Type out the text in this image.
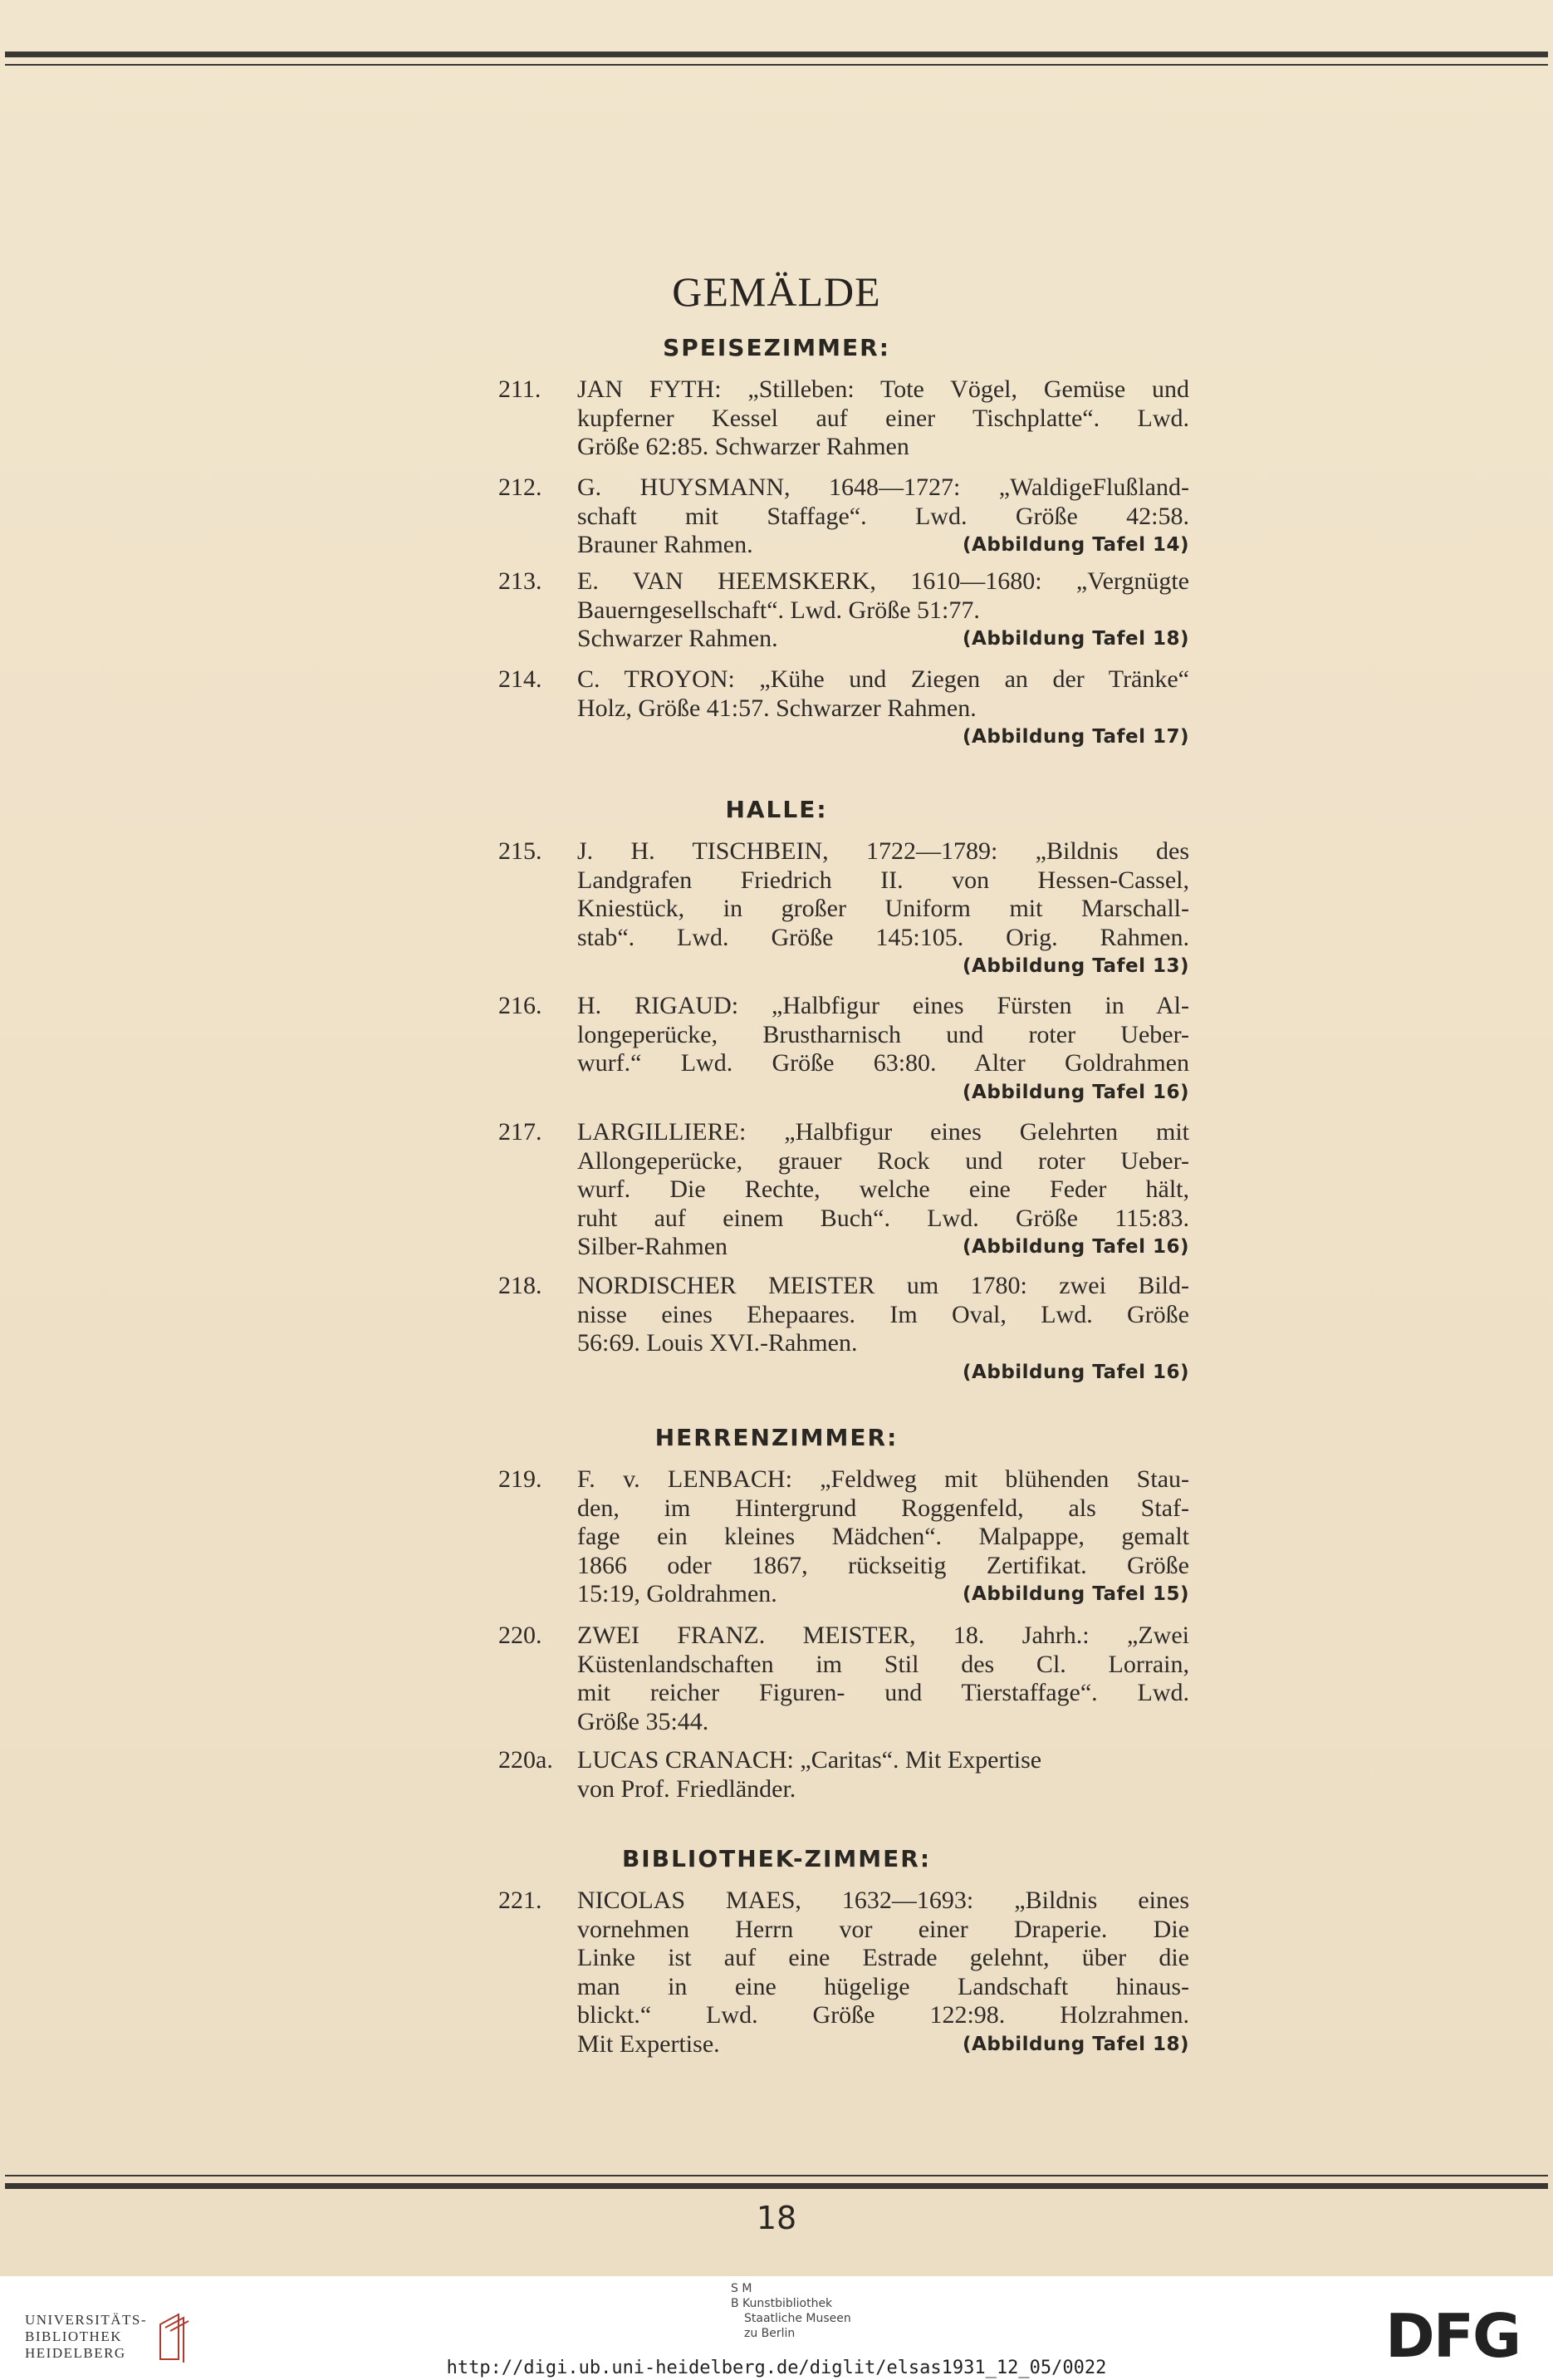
GEMÄLDE
SPEISEZIMMER:
211. JAN FYTH: „Stilleben: Tote Vögel, Gemüse und
kupferner Kessel auf einer Tischplatte“. Lwd.
Größe 62:85. Schwarzer Rahmen
212. G. HUYSMANN, 1648—1727: „WaldigeFlußland-
schaft mit Staffage“. Lwd. Größe 42:58.
Brauner Rahmen.	(Abbildung Tafel 14)
213. E. VAN HEEMSKERK, 1610—1680: „Vergnügte
Bauerngesellschaft“. Lwd. Größe 51:77.
Schwarzer Rahmen.	(Abbildung Tafel 18)
214. C. TROYON: „Kühe und Ziegen an der Tränke“
Holz, Größe 41:57. Schwarzer Rahmen.
(Abbildung Tafel 17)
HALLE:
215. J. H. TISCHBEIN, 1722—1789: „Bildnis des
Landgrafen Friedrich II. von Hessen-Cassel,
Kniestück, in großer Uniform mit Marschall-
stab“. Lwd. Größe 145:105. Orig. Rahmen.
(Abbildung Tafel 13)
216. H. RIGAUD: „Halbfigur eines Fürsten in Al-
longeperücke, Brustharnisch und roter Ueber-
wurf.“ Lwd. Größe 63:80. Alter Goldrahmen
(Abbildung Tafel 16)
217. LARGILLIERE: „Halbfigur eines Gelehrten mit
Allongeperücke, grauer Rock und roter Ueber-
wurf. Die Rechte, welche eine Feder hält,
ruht auf einem Buch“. Lwd. Größe 115:83.
Silber-Rahmen	(Abbildung Tafel 16)
218. NORDISCHER MEISTER um 1780: zwei Bild-
nisse eines Ehepaares. Im Oval, Lwd. Größe
56:69. Louis XVI.-Rahmen.
(Abbildung Tafel 16)
HERRENZIMMER:
219. F. v. LENBACH: „Feldweg mit blühenden Stau-
den, im Hintergrund Roggenfeld, als Staf-
fage ein kleines Mädchen“. Malpappe, gemalt
1866 oder 1867, rückseitig Zertifikat. Größe
15:19, Goldrahmen.	(Abbildung Tafel 15)
220. ZWEI FRANZ. MEISTER, 18. Jahrh.: „Zwei
Küstenlandschaften im Stil des Cl. Lorrain,
mit reicher Figuren- und Tierstaffage“. Lwd.
Größe 35:44.
220a. LUCAS CRANACH: „Caritas“. Mit Expertise
von Prof. Friedländer.
BIBLIOTHEK-ZIMMER:
221. NICOLAS MAES, 1632—1693: „Bildnis eines
vornehmen Herrn vor einer Draperie. Die
Linke ist auf eine Estrade gelehnt, über die
man in eine hügelige Landschaft hinaus-
blickt.“ Lwd. Größe 122:98. Holzrahmen.
Mit Expertise.	(Abbildung Tafel 18)
18
UNIVERSITÄTS-
BIBLIOTHEK
HEIDELBERG
S M
B Kunstbibliothek
Staatliche Museen
zu Berlin	DFG
http://digi.ub.uni-heidelberg.de/diglit/elsas1931_12_05/0022
